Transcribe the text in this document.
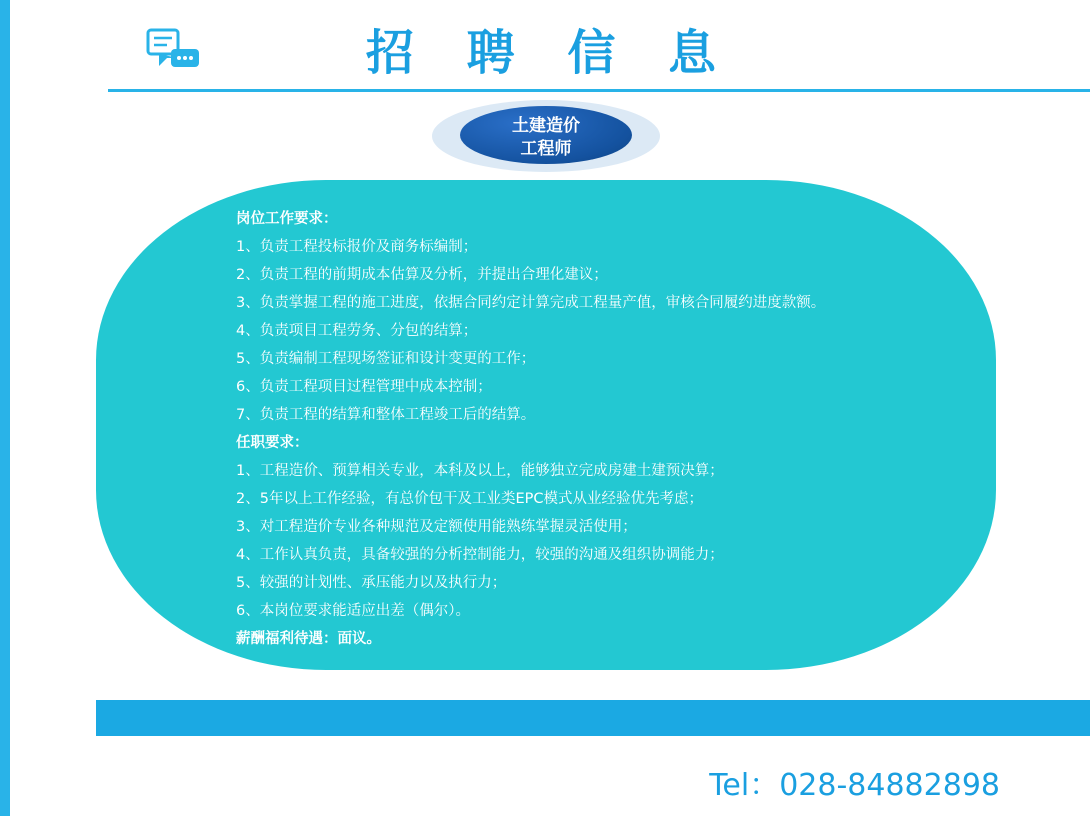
招 聘 信 息
土建造价
工程师
岗位工作要求：
1、负责工程投标报价及商务标编制；
2、负责工程的前期成本估算及分析，并提出合理化建议；
3、负责掌握工程的施工进度，依据合同约定计算完成工程量产值，审核合同履约进度款额。
4、负责项目工程劳务、分包的结算；
5、负责编制工程现场签证和设计变更的工作；
6、负责工程项目过程管理中成本控制；
7、负责工程的结算和整体工程竣工后的结算。
任职要求：
1、工程造价、预算相关专业，本科及以上，能够独立完成房建土建预决算；
2、5年以上工作经验，有总价包干及工业类EPC模式从业经验优先考虑；
3、对工程造价专业各种规范及定额使用能熟练掌握灵活使用；
4、工作认真负责，具备较强的分析控制能力，较强的沟通及组织协调能力；
5、较强的计划性、承压能力以及执行力；
6、本岗位要求能适应出差（偶尔）。
薪酬福利待遇：面议。
Tel：028-84882898
